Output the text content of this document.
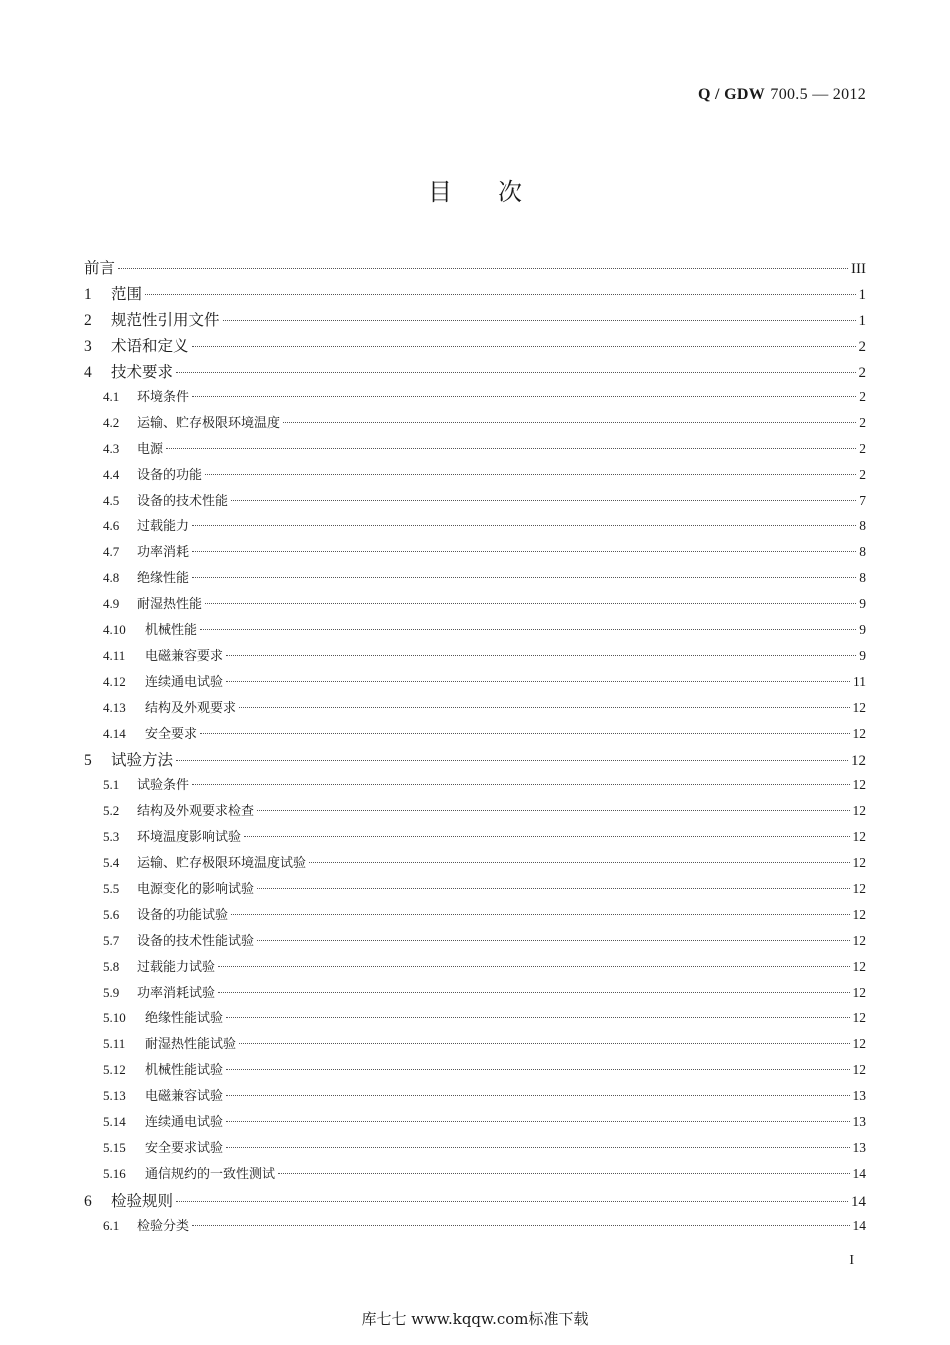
Q / GDW 700.5 — 2012
目 次
前言	III
1	范围	1
2	规范性引用文件	1
3	术语和定义	2
4	技术要求	2
4.1	环境条件	2
4.2	运输、贮存极限环境温度	2
4.3	电源	2
4.4	设备的功能	2
4.5	设备的技术性能	7
4.6	过载能力	8
4.7	功率消耗	8
4.8	绝缘性能	8
4.9	耐湿热性能	9
4.10	机械性能	9
4.11	电磁兼容要求	9
4.12	连续通电试验	11
4.13	结构及外观要求	12
4.14	安全要求	12
5	试验方法	12
5.1	试验条件	12
5.2	结构及外观要求检查	12
5.3	环境温度影响试验	12
5.4	运输、贮存极限环境温度试验	12
5.5	电源变化的影响试验	12
5.6	设备的功能试验	12
5.7	设备的技术性能试验	12
5.8	过载能力试验	12
5.9	功率消耗试验	12
5.10	绝缘性能试验	12
5.11	耐湿热性能试验	12
5.12	机械性能试验	12
5.13	电磁兼容试验	13
5.14	连续通电试验	13
5.15	安全要求试验	13
5.16	通信规约的一致性测试	14
6	检验规则	14
6.1	检验分类	14
I
库七七 www.kqqw.com标准下载
